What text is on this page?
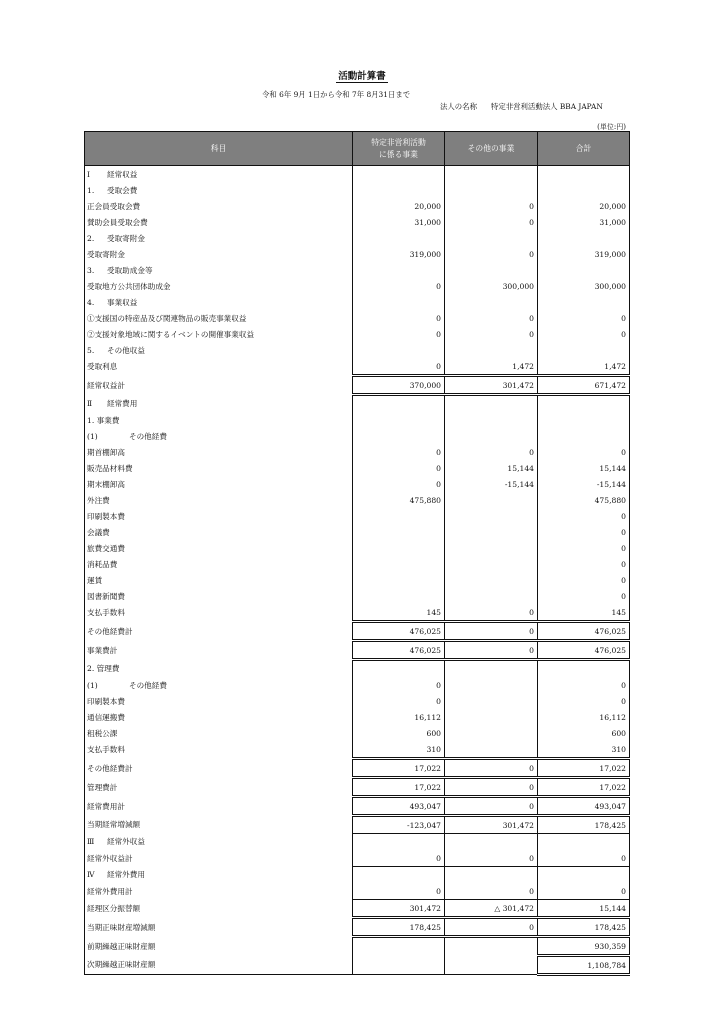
活動計算書
令和 6年 9月 1日から令和 7年 8月31日まで
法人の名称 特定非営利活動法人 BBA JAPAN
(単位:円)
科目	特定非営利活動
に係る事業	その他の事業	合計
Ⅰ 経常収益			
1. 受取会費			
正会員受取会費	20,000	0	20,000
賛助会員受取会費	31,000	0	31,000
2. 受取寄附金			
受取寄附金	319,000	0	319,000
3. 受取助成金等			
受取地方公共団体助成金	0	300,000	300,000
4. 事業収益			
①支援国の特産品及び関連物品の販売事業収益	0	0	0
②支援対象地域に関するイベントの開催事業収益	0	0	0
5. その他収益			
受取利息	0	1,472	1,472
経常収益計	370,000	301,472	671,472
Ⅱ 経常費用			
1. 事業費			
(1) その他経費			
期首棚卸高	0	0	0
販売品材料費	0	15,144	15,144
期末棚卸高	0	-15,144	-15,144
外注費	475,880		475,880
印刷製本費			0
会議費			0
旅費交通費			0
消耗品費			0
運賃			0
図書新聞費			0
支払手数料	145	0	145
その他経費計	476,025	0	476,025
事業費計	476,025	0	476,025
2. 管理費			
(1) その他経費	0		0
印刷製本費	0		0
通信運搬費	16,112		16,112
租税公課	600		600
支払手数料	310		310
その他経費計	17,022	0	17,022
管理費計	17,022	0	17,022
経常費用計	493,047	0	493,047
当期経常増減額	-123,047	301,472	178,425
Ⅲ 経常外収益			
経常外収益計	0	0	0
Ⅳ 経常外費用			
経常外費用計	0	0	0
経理区分振替額	301,472	△ 301,472	15,144
当期正味財産増減額	178,425	0	178,425
前期繰越正味財産額			930,359
次期繰越正味財産額			1,108,784
